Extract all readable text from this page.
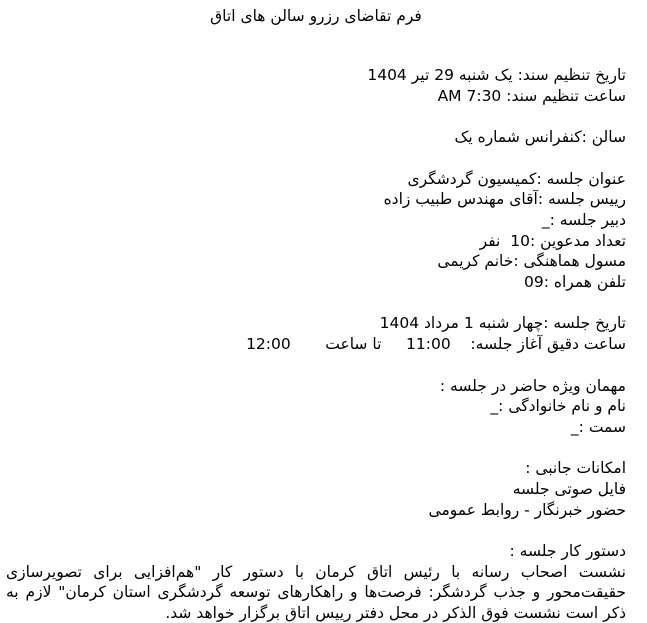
فرم تقاضای رزرو سالن های اتاق
تاریخ تنظیم سند: یک شنبه 29 تیر 1404
ساعت تنظیم سند: AM 7:30
سالن :کنفرانس شماره یک
عنوان جلسه :کمیسیون گردشگری
رییس جلسه :آقای مهندس طبیب زاده
دبیر جلسه :_
تعداد مدعوین :10  نفر
مسول هماهنگی :خانم کریمی
تلفن همراه :09
تاریخ جلسه :چهار شنبه 1 مرداد 1404
ساعت دقیق آغاز جلسه:    11:00     تا ساعت       12:00
مهمان ویژه حاضر در جلسه :
نام و نام خانوادگی :_
سمت :_
امکانات جانبی :
فایل صوتی جلسه
حضور خبرنگار - روابط عمومی
دستور کار جلسه :
نشست اصحاب رسانه با رئیس اتاق کرمان با دستور کار "هم‌افزایی برای تصویرسازی حقیقت‌محور و جذب گردشگر: فرصت‌ها و راهکارهای توسعه گردشگری استان کرمان" لازم به ذکر است نشست فوق الذکر در محل دفتر رییس اتاق برگزار خواهد شد.
